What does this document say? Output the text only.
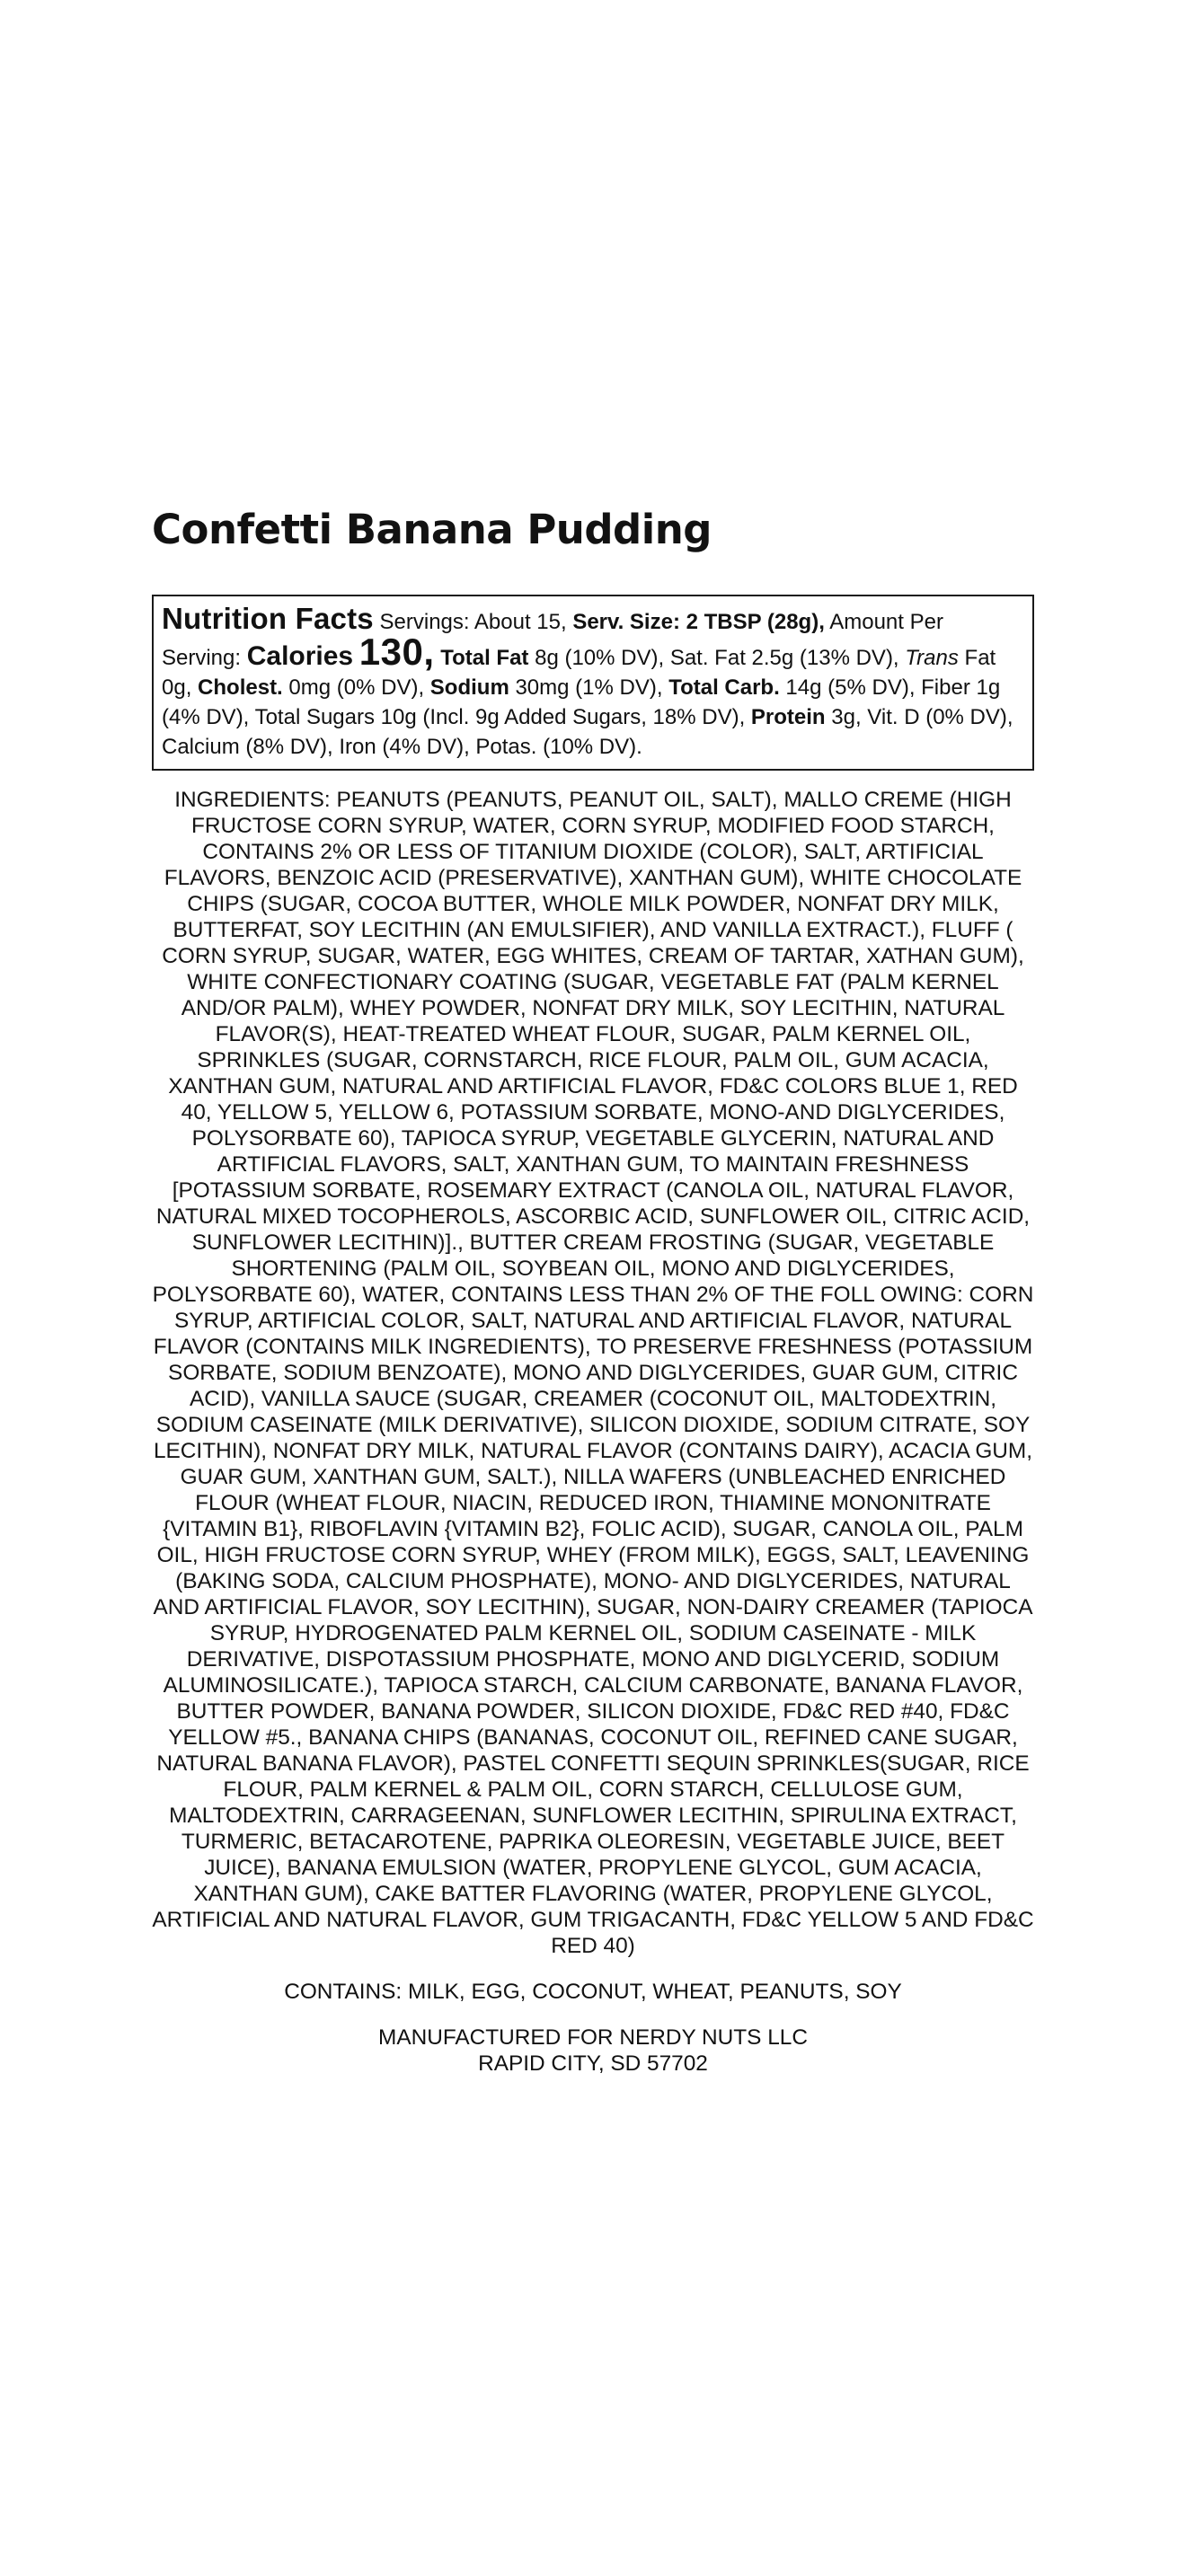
Confetti Banana Pudding
Nutrition Facts Servings: About 15, Serv. Size: 2 TBSP (28g), Amount Per Serving: Calories 130, Total Fat 8g (10% DV), Sat. Fat 2.5g (13% DV), Trans Fat 0g, Cholest. 0mg (0% DV), Sodium 30mg (1% DV), Total Carb. 14g (5% DV), Fiber 1g (4% DV), Total Sugars 10g (Incl. 9g Added Sugars, 18% DV), Protein 3g, Vit. D (0% DV), Calcium (8% DV), Iron (4% DV), Potas. (10% DV).
INGREDIENTS: PEANUTS (PEANUTS, PEANUT OIL, SALT), MALLO CREME (HIGH FRUCTOSE CORN SYRUP, WATER, CORN SYRUP, MODIFIED FOOD STARCH, CONTAINS 2% OR LESS OF TITANIUM DIOXIDE (COLOR), SALT, ARTIFICIAL FLAVORS, BENZOIC ACID (PRESERVATIVE), XANTHAN GUM), WHITE CHOCOLATE CHIPS (SUGAR, COCOA BUTTER, WHOLE MILK POWDER, NONFAT DRY MILK, BUTTERFAT, SOY LECITHIN (AN EMULSIFIER), AND VANILLA EXTRACT.), FLUFF ( CORN SYRUP, SUGAR, WATER, EGG WHITES, CREAM OF TARTAR, XATHAN GUM), WHITE CONFECTIONARY COATING (SUGAR, VEGETABLE FAT (PALM KERNEL AND/OR PALM), WHEY POWDER, NONFAT DRY MILK, SOY LECITHIN, NATURAL FLAVOR(S), HEAT-TREATED WHEAT FLOUR, SUGAR, PALM KERNEL OIL, SPRINKLES (SUGAR, CORNSTARCH, RICE FLOUR, PALM OIL, GUM ACACIA, XANTHAN GUM, NATURAL AND ARTIFICIAL FLAVOR, FD&C COLORS BLUE 1, RED 40, YELLOW 5, YELLOW 6, POTASSIUM SORBATE, MONO-AND DIGLYCERIDES, POLYSORBATE 60), TAPIOCA SYRUP, VEGETABLE GLYCERIN, NATURAL AND ARTIFICIAL FLAVORS, SALT, XANTHAN GUM, TO MAINTAIN FRESHNESS [POTASSIUM SORBATE, ROSEMARY EXTRACT (CANOLA OIL, NATURAL FLAVOR, NATURAL MIXED TOCOPHEROLS, ASCORBIC ACID, SUNFLOWER OIL, CITRIC ACID, SUNFLOWER LECITHIN)]., BUTTER CREAM FROSTING (SUGAR, VEGETABLE SHORTENING (PALM OIL, SOYBEAN OIL, MONO AND DIGLYCERIDES, POLYSORBATE 60), WATER, CONTAINS LESS THAN 2% OF THE FOLL OWING: CORN SYRUP, ARTIFICIAL COLOR, SALT, NATURAL AND ARTIFICIAL FLAVOR, NATURAL FLAVOR (CONTAINS MILK INGREDIENTS), TO PRESERVE FRESHNESS (POTASSIUM SORBATE, SODIUM BENZOATE), MONO AND DIGLYCERIDES, GUAR GUM, CITRIC ACID), VANILLA SAUCE (SUGAR, CREAMER (COCONUT OIL, MALTODEXTRIN, SODIUM CASEINATE (MILK DERIVATIVE), SILICON DIOXIDE, SODIUM CITRATE, SOY LECITHIN), NONFAT DRY MILK, NATURAL FLAVOR (CONTAINS DAIRY), ACACIA GUM, GUAR GUM, XANTHAN GUM, SALT.), NILLA WAFERS (UNBLEACHED ENRICHED FLOUR (WHEAT FLOUR, NIACIN, REDUCED IRON, THIAMINE MONONITRATE {VITAMIN B1}, RIBOFLAVIN {VITAMIN B2}, FOLIC ACID), SUGAR, CANOLA OIL, PALM OIL, HIGH FRUCTOSE CORN SYRUP, WHEY (FROM MILK), EGGS, SALT, LEAVENING (BAKING SODA, CALCIUM PHOSPHATE), MONO- AND DIGLYCERIDES, NATURAL AND ARTIFICIAL FLAVOR, SOY LECITHIN), SUGAR, NON-DAIRY CREAMER (TAPIOCA SYRUP, HYDROGENATED PALM KERNEL OIL, SODIUM CASEINATE - MILK DERIVATIVE, DISPOTASSIUM PHOSPHATE, MONO AND DIGLYCERID, SODIUM ALUMINOSILICATE.), TAPIOCA STARCH, CALCIUM CARBONATE, BANANA FLAVOR, BUTTER POWDER, BANANA POWDER, SILICON DIOXIDE, FD&C RED #40, FD&C YELLOW #5., BANANA CHIPS (BANANAS, COCONUT OIL, REFINED CANE SUGAR, NATURAL BANANA FLAVOR), PASTEL CONFETTI SEQUIN SPRINKLES(SUGAR, RICE FLOUR, PALM KERNEL & PALM OIL, CORN STARCH, CELLULOSE GUM, MALTODEXTRIN, CARRAGEENAN, SUNFLOWER LECITHIN, SPIRULINA EXTRACT, TURMERIC, BETACAROTENE, PAPRIKA OLEORESIN, VEGETABLE JUICE, BEET JUICE), BANANA EMULSION (WATER, PROPYLENE GLYCOL, GUM ACACIA, XANTHAN GUM), CAKE BATTER FLAVORING (WATER, PROPYLENE GLYCOL, ARTIFICIAL AND NATURAL FLAVOR, GUM TRIGACANTH, FD&C YELLOW 5 AND FD&C RED 40)
CONTAINS: MILK, EGG, COCONUT, WHEAT, PEANUTS, SOY
MANUFACTURED FOR NERDY NUTS LLC
RAPID CITY, SD 57702
